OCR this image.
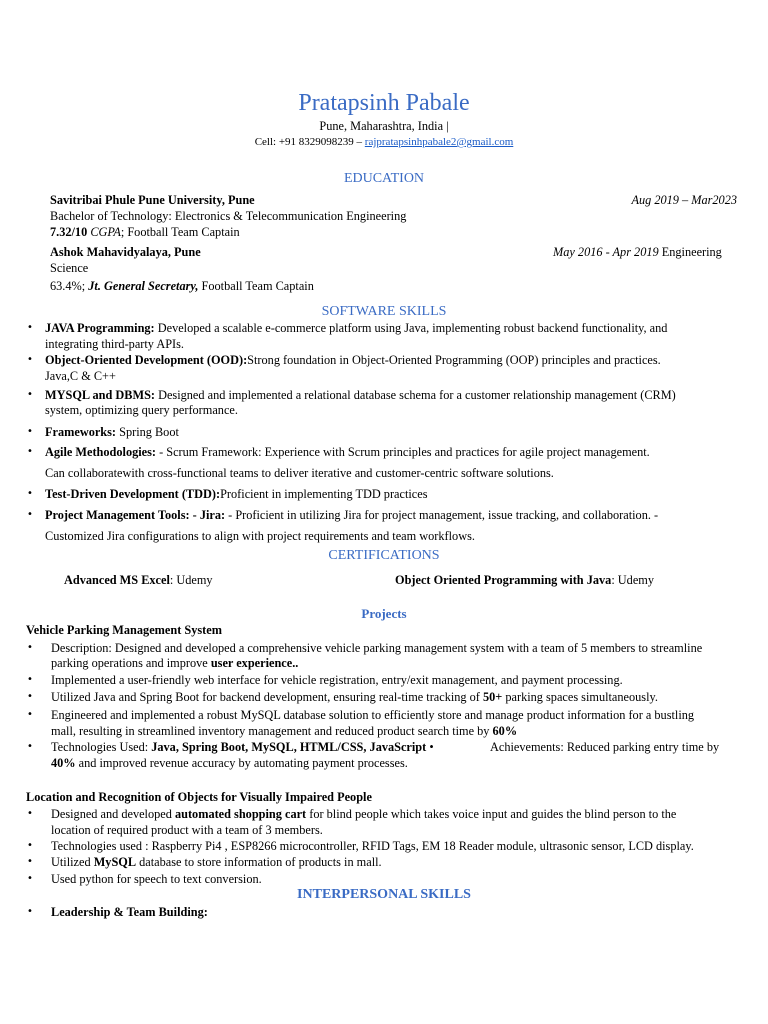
Pratapsinh Pabale
Pune, Maharashtra, India |
Cell: +91 8329098239 – rajpratapsinhpabale2@gmail.com
EDUCATION
Savitribai Phule Pune University, Pune	Aug 2019 – Mar2023
Bachelor of Technology: Electronics & Telecommunication Engineering
7.32/10 CGPA; Football Team Captain
Ashok Mahavidyalaya, Pune	May 2016 - Apr 2019 Engineering
Science
63.4%; Jt. General Secretary, Football Team Captain
SOFTWARE SKILLS
• JAVA Programming: Developed a scalable e-commerce platform using Java, implementing robust backend functionality, and
integrating third-party APIs.
• Object-Oriented Development (OOD):Strong foundation in Object-Oriented Programming (OOP) principles and practices.
Java,C & C++
• MYSQL and DBMS: Designed and implemented a relational database schema for a customer relationship management (CRM)
system, optimizing query performance.
• Frameworks: Spring Boot
• Agile Methodologies: - Scrum Framework: Experience with Scrum principles and practices for agile project management.
Can collaboratewith cross-functional teams to deliver iterative and customer-centric software solutions.
• Test-Driven Development (TDD):Proficient in implementing TDD practices
• Project Management Tools: - Jira: - Proficient in utilizing Jira for project management, issue tracking, and collaboration. -
Customized Jira configurations to align with project requirements and team workflows.
CERTIFICATIONS
Advanced MS Excel: Udemy	Object Oriented Programming with Java: Udemy
Projects
Vehicle Parking Management System
• Description: Designed and developed a comprehensive vehicle parking management system with a team of 5 members to streamline
parking operations and improve user experience..
• Implemented a user-friendly web interface for vehicle registration, entry/exit management, and payment processing.
• Utilized Java and Spring Boot for backend development, ensuring real-time tracking of 50+ parking spaces simultaneously.
• Engineered and implemented a robust MySQL database solution to efficiently store and manage product information for a bustling
mall, resulting in streamlined inventory management and reduced product search time by 60%
• Technologies Used: Java, Spring Boot, MySQL, HTML/CSS, JavaScript •	Achievements: Reduced parking entry time by
40% and improved revenue accuracy by automating payment processes.
Location and Recognition of Objects for Visually Impaired People
• Designed and developed automated shopping cart for blind people which takes voice input and guides the blind person to the
location of required product with a team of 3 members.
• Technologies used : Raspberry Pi4 , ESP8266 microcontroller, RFID Tags, EM 18 Reader module, ultrasonic sensor, LCD display.
• Utilized MySQL database to store information of products in mall.
• Used python for speech to text conversion.
INTERPERSONAL SKILLS
• Leadership & Team Building:
